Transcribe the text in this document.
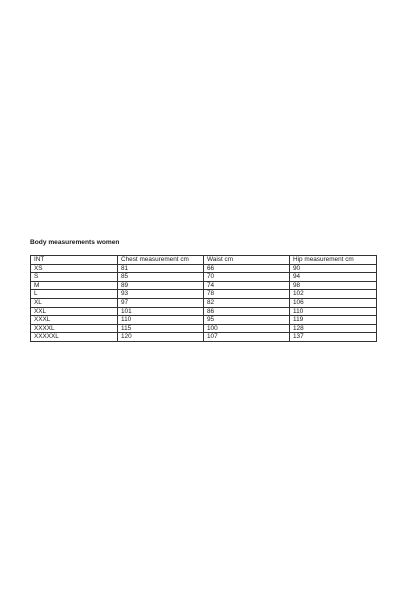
Body measurements women
INT	Chest measurement cm	Waist cm	Hip measurement cm
XS	81	66	90
S	85	70	94
M	89	74	98
L	93	78	102
XL	97	82	106
XXL	101	86	110
XXXL	110	95	119
XXXXL	115	100	128
XXXXXL	120	107	137
